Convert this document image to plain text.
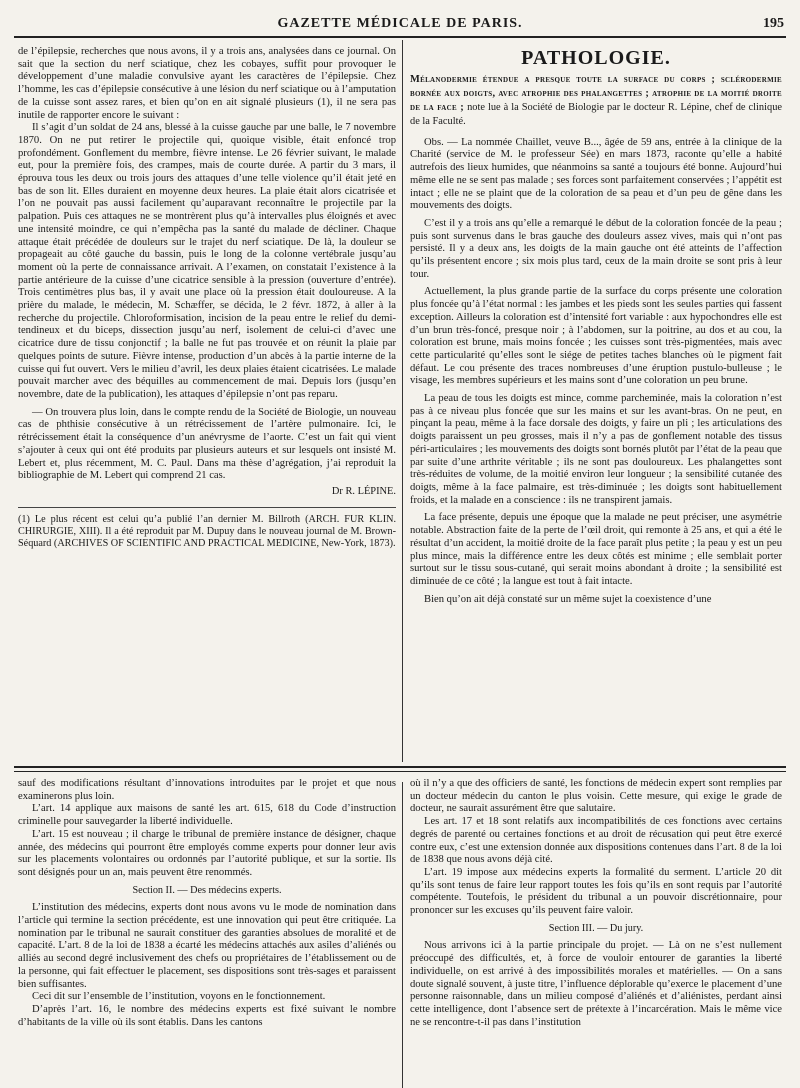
GAZETTE MÉDICALE DE PARIS.	195

de l’épilepsie, recherches que nous avons, il y a trois ans, analysées dans ce journal. On sait que la section du nerf sciatique, chez les cobayes, suffit pour provoquer le développement d’une maladie convulsive ayant les caractères de l’épilepsie. Chez l’homme, les cas d’épilepsie consécutive à une lésion du nerf sciatique ou à l’amputation de la cuisse sont assez rares, et bien qu’on en ait signalé plusieurs (1), il ne sera pas inutile de rapporter encore le suivant :

Il s’agit d’un soldat de 24 ans, blessé à la cuisse gauche par une balle, le 7 novembre 1870. On ne put retirer le projectile qui, quoique visible, était enfoncé trop profondément. Gonflement du membre, fièvre intense. Le 26 février suivant, le malade eut, pour la première fois, des crampes, mais de courte durée. A partir du 3 mars, il éprouva tous les deux ou trois jours des attaques d’une telle violence qu’il était jeté en bas de son lit. Elles duraient en moyenne deux heures. La plaie était alors cicatrisée et l’on ne pouvait pas aussi facilement qu’auparavant reconnaître le projectile par la palpation. Puis ces attaques ne se montrèrent plus qu’à intervalles plus éloignés et avec une intensité moindre, ce qui n’empêcha pas la santé du malade de décliner. Chaque attaque était précédée de douleurs sur le trajet du nerf sciatique. De là, la douleur se propageait au côté gauche du bassin, puis le long de la colonne vertébrale jusqu’au moment où la perte de connaissance arrivait. A l’examen, on constatait l’existence à la partie antérieure de la cuisse d’une cicatrice sensible à la pression (ouverture d’entrée). Trois centimètres plus bas, il y avait une place où la pression était douloureuse. A la prière du malade, le médecin, M. Schæffer, se décida, le 2 févr. 1872, à aller à la recherche du projectile. Chloroformisation, incision de la peau entre le relief du demi-tendineux et du biceps, dissection jusqu’au nerf, isolement de celui-ci d’avec une cicatrice dure de tissu conjonctif ; la balle ne fut pas trouvée et on réunit la plaie par quelques points de suture. Fièvre intense, production d’un abcès à la partie interne de la cuisse qui fut ouvert. Vers le milieu d’avril, les deux plaies étaient cicatrisées. Le malade pouvait marcher avec des béquilles au commencement de mai. Depuis lors (jusqu’en novembre, date de la publication), les attaques d’épilepsie n’ont pas reparu.

— On trouvera plus loin, dans le compte rendu de la Société de Biologie, un nouveau cas de phthisie consécutive à un rétrécissement de l’artère pulmonaire. Ici, le rétrécissement était la conséquence d’un anévrysme de l’aorte. C’est un fait qui vient s’ajouter à ceux qui ont été produits par plusieurs auteurs et sur lesquels ont insisté M. Lebert et, plus récemment, M. C. Paul. Dans ma thèse d’agrégation, j’ai reproduit la bibliographie de M. Lebert qui comprend 21 cas.

Dr R. LÉPINE.
(1) Le plus récent est celui qu’a publié l’an dernier M. Billroth (ARCH. FUR KLIN. CHIRURGIE, XIII). Il a été reproduit par M. Dupuy dans le nouveau journal de M. Brown-Séquard (ARCHIVES OF SCIENTIFIC AND PRACTICAL MEDICINE, New-York, 1873).
PATHOLOGIE.
Mélanodermie étendue a presque toute la surface du corps ; sclérodermie bornée aux doigts, avec atrophie des phalangettes ; atrophie de la moitié droite de la face ; note lue à la Société de Biologie par le docteur R. Lépine, chef de clinique de la Faculté.

Obs. — La nommée Chaillet, veuve B..., âgée de 59 ans, entrée à la clinique de la Charité (service de M. le professeur Sée) en mars 1873, raconte qu’elle a habité autrefois des lieux humides, que néanmoins sa santé a toujours été bonne. Aujourd’hui même elle ne se sent pas malade ; ses forces sont parfaitement conservées ; l’appétit est intact ; elle ne se plaint que de la coloration de sa peau et d’un peu de gêne dans les mouvements des doigts.

C’est il y a trois ans qu’elle a remarqué le début de la coloration foncée de la peau ; puis sont survenus dans le bras gauche des douleurs assez vives, mais qui n’ont pas persisté. Il y a deux ans, les doigts de la main gauche ont été atteints de l’affection qu’ils présentent encore ; six mois plus tard, ceux de la main droite se sont pris à leur tour.

Actuellement, la plus grande partie de la surface du corps présente une coloration plus foncée qu’à l’état normal : les jambes et les pieds sont les seules parties qui fassent exception. Ailleurs la coloration est d’intensité fort variable : aux hypochondres elle est d’un brun très-foncé, presque noir ; à l’abdomen, sur la poitrine, au dos et au cou, la coloration est brune, mais moins foncée ; les cuisses sont très-pigmentées, mais avec cette particularité qu’elles sont le siége de petites taches blanches où le pigment fait défaut. Le cou présente des traces nombreuses d’une éruption pustulo-bulleuse ; le visage, les membres supérieurs et les mains sont d’une coloration un peu brune.

La peau de tous les doigts est mince, comme parcheminée, mais la coloration n’est pas à ce niveau plus foncée que sur les mains et sur les avant-bras. On ne peut, en pinçant la peau, même à la face dorsale des doigts, y faire un pli ; les articulations des doigts paraissent un peu grosses, mais il n’y a pas de gonflement notable des tissus péri-articulaires ; les mouvements des doigts sont bornés plutôt par l’état de la peau que par suite d’une arthrite véritable ; ils ne sont pas douloureux. Les phalangettes sont très-réduites de volume, de la moitié environ leur longueur ; la sensibilité cutanée des doigts, même à la face palmaire, est très-diminuée ; les doigts sont habituellement froids, et la malade en a conscience : ils ne transpirent jamais.

La face présente, depuis une époque que la malade ne peut préciser, une asymétrie notable. Abstraction faite de la perte de l’œil droit, qui remonte à 25 ans, et qui a été le résultat d’un accident, la moitié droite de la face paraît plus petite ; la peau y est un peu plus mince, mais la différence entre les deux côtés est minime ; elle semblait porter surtout sur le tissu sous-cutané, qui serait moins abondant à droite ; la sensibilité est diminuée de ce côté ; la langue est tout à fait intacte.

Bien qu’on ait déjà constaté sur un même sujet la coexistence d’une

sauf des modifications résultant d’innovations introduites par le projet et que nous examinerons plus loin.

L’art. 14 applique aux maisons de santé les art. 615, 618 du Code d’instruction criminelle pour sauvegarder la liberté individuelle.

L’art. 15 est nouveau ; il charge le tribunal de première instance de désigner, chaque année, des médecins qui pourront être employés comme experts pour donner leur avis sur les placements volontaires ou ordonnés par l’autorité publique, et sur la sortie. Ils sont désignés pour un an, mais peuvent être renommés.

Section II. — Des médecins experts.

L’institution des médecins, experts dont nous avons vu le mode de nomination dans l’article qui termine la section précédente, est une innovation qui peut être critiquée. La nomination par le tribunal ne saurait constituer des garanties absolues de moralité et de capacité. L’art. 8 de la loi de 1838 a écarté les médecins attachés aux asiles d’aliénés ou alliés au second degré inclusivement des chefs ou propriétaires de l’établissement ou de la personne, qui fait effectuer le placement, ses dispositions sont très-sages et paraissent bien suffisantes.

Ceci dit sur l’ensemble de l’institution, voyons en le fonctionnement.

D’après l’art. 16, le nombre des médecins experts est fixé suivant le nombre d’habitants de la ville où ils sont établis. Dans les cantons

où il n’y a que des officiers de santé, les fonctions de médecin expert sont remplies par un docteur médecin du canton le plus voisin. Cette mesure, qui exige le grade de docteur, ne saurait assurément être que salutaire.

Les art. 17 et 18 sont relatifs aux incompatibilités de ces fonctions avec certains degrés de parenté ou certaines fonctions et au droit de récusation qui peut être exercé contre eux, c’est une extension donnée aux dispositions contenues dans l’art. 8 de la loi de 1838 que nous avons déjà cité.

L’art. 19 impose aux médecins experts la formalité du serment. L’article 20 dit qu’ils sont tenus de faire leur rapport toutes les fois qu’ils en sont requis par l’autorité compétente. Toutefois, le président du tribunal a un pouvoir discrétionnaire, pour prononcer sur les excuses qu’ils peuvent faire valoir.

Section III. — Du jury.

Nous arrivons ici à la partie principale du projet. — Là on ne s’est nullement préoccupé des difficultés, et, à force de vouloir entourer de garanties la liberté individuelle, on est arrivé à des impossibilités morales et matérielles. — On a sans doute signalé souvent, à juste titre, l’influence déplorable qu’exerce le placement d’une personne raisonnable, dans un milieu composé d’aliénés et d’aliénistes, perdant ainsi cette intelligence, dont l’absence sert de prétexte à l’incarcération. Mais le même vice ne se rencontre-t-il pas dans l’institution
